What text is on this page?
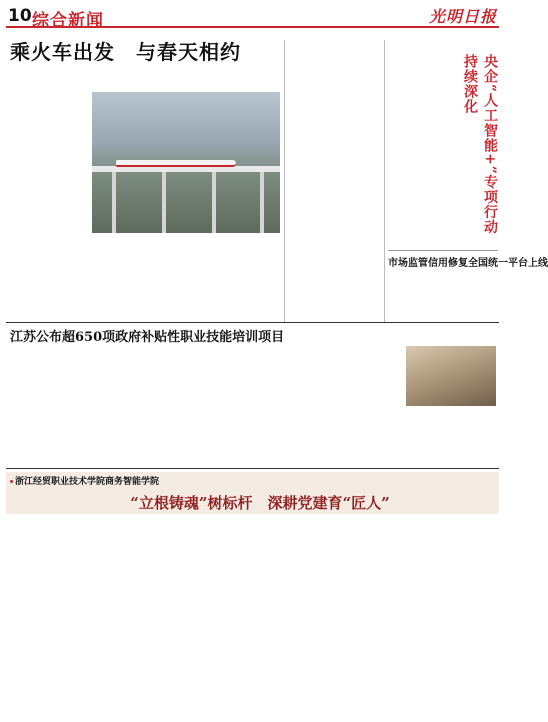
10 综合新闻	光明日报
乘火车出发　与春天相约
央企“人工智能+”专项行动持续深化
市场监管信用修复全国统一平台上线
江苏公布超650项政府补贴性职业技能培训项目
浙江经贸职业技术学院商务智能学院
“立根铸魂”树标杆　深耕党建育“匠人”
